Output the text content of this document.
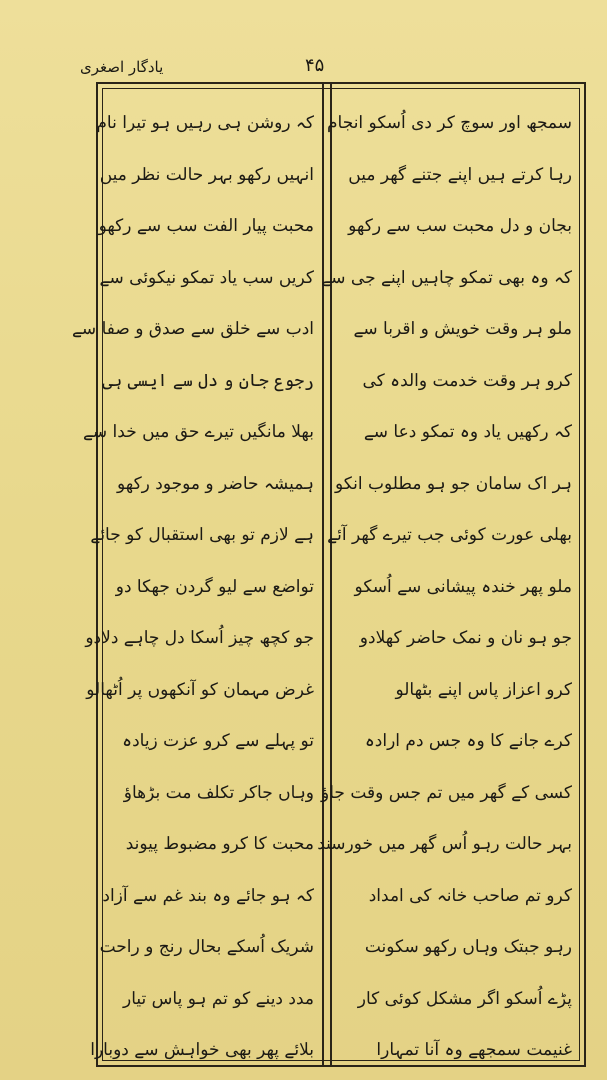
یادگار اصغری	۴۵
سمجھ اور سوچ کر دی اُسکو انجام
رہا کرتے ہیں اپنے جتنے گھر میں
بجان و دل محبت سب سے رکھو
کہ وہ بھی تمکو چاہیں اپنے جی سے
ملو ہر وقت خویش و اقربا سے
کرو ہر وقت خدمت والدہ کی
کہ رکھیں یاد وہ تمکو دعا سے
ہر اک سامان جو ہو مطلوب انکو
بھلی عورت کوئی جب تیرے گھر آئے
ملو پھر خندہ پیشانی سے اُسکو
جو ہو نان و نمک حاضر کھلادو
کرو اعزاز پاس اپنے بٹھالو
کرے جانے کا وہ جس دم ارادہ
کسی کے گھر میں تم جس وقت جاؤ
بہر حالت رہو اُس گھر میں خورسند
کرو تم صاحب خانہ کی امداد
رہو جبتک وہاں رکھو سکونت
پڑے اُسکو اگر مشکل کوئی کار
غنیمت سمجھے وہ آنا تمہارا
کہ روشن ہی رہیں ہو تیرا نام
انہیں رکھو بہر حالت نظر میں
محبت پیار الفت سب سے رکھو
کریں سب یاد تمکو نیکوئی سے
ادب سے خلق سے صدق و صفا سے
رجوع جان و دل سے ایسی ہی
بھلا مانگیں تیرے حق میں خدا سے
ہمیشہ حاضر و موجود رکھو
ہے لازم تو بھی استقبال کو جائے
تواضع سے لیو گردن جھکا دو
جو کچھ چیز اُسکا دل چاہے دلادو
غرض مہمان کو آنکھوں پر اُٹھالو
تو پہلے سے کرو عزت زیادہ
وہاں جاکر تکلف مت بڑھاؤ
محبت کا کرو مضبوط پیوند
کہ ہو جائے وہ بند غم سے آزاد
شریک اُسکے بحال رنج و راحت
مدد دینے کو تم ہو پاس تیار
بلائے پھر بھی خواہش سے دوبارا
